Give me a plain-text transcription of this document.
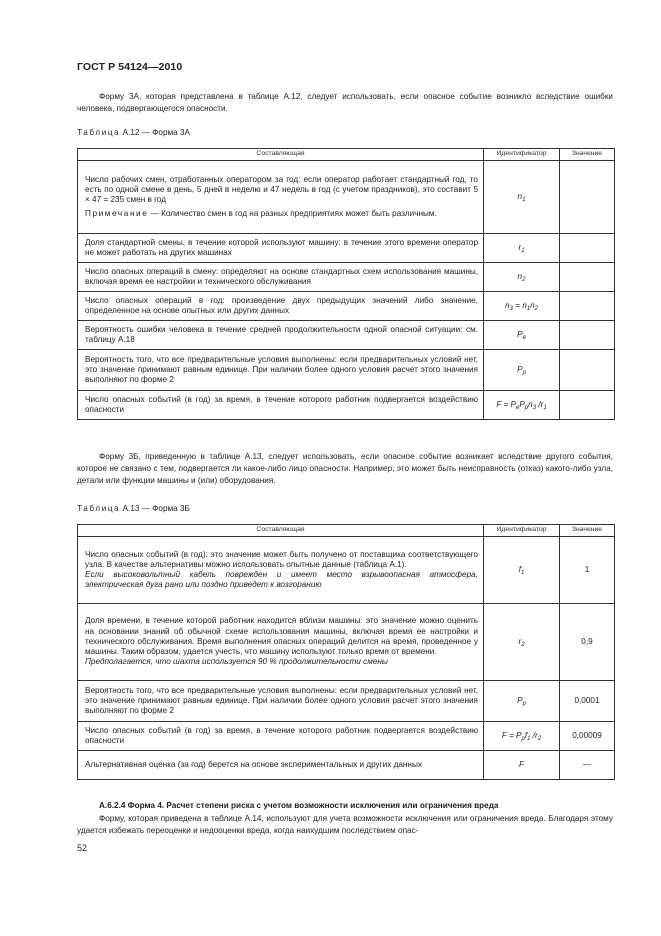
ГОСТ Р 54124—2010

Форму 3А, которая представлена в таблице А.12, следует использовать, если опасное событие возникло вследствие ошибки человека, подвергающегося опасности.

Таблица А.12 — Форма 3А
Составляющая	Идентификатор	Значение

Число рабочих смен, отработанных оператором за год: если оператор работает стандартный год, то есть по одной смене в день, 5 дней в неделю и 47 недель в год (с учетом праздников), это составит 5 × 47 = 235 смен в год
Примечание — Количество смен в год на разных предприятиях может быть различным.	$n_1$	
Доля стандартной смены, в течение которой используют машину: в течение этого времени оператор не может работать на других машинах	$r_1$	
Число опасных операций в смену: определяют на основе стандартных схем использования машины, включая время ее настройки и технического обслуживания	$n_2$	
Число опасных операций в год: произведение двух предыдущих значений либо значение, определенное на основе опытных или других данных	$n_3 = n_1n_2$	
Вероятность ошибки человека в течение средней продолжительности одной опасной ситуации: см. таблицу А.18	$P_e$	
Вероятность того, что все предварительные условия выполнены: если предварительных условий нет, это значение принимают равным единице. При наличии более одного условия расчет этого значения выполняют по форме 2	$P_p$	
Число опасных событий (в год) за время, в течение которого работник подвергается воздействию опасности	$F = P_eP_pn_3$ $/r_1$	

Форму 3Б, приведенную в таблице А.13, следует использовать, если опасное событие возникает вследствие другого события, которое не связано с тем, подвергается ли какое-либо лицо опасности. Например, это может быть неисправность (отказ) какого-либо узла, детали или функции машины и (или) оборудования.

Таблица А.13 — Форма 3Б
Составляющая	Идентификатор	Значение

Число опасных событий (в год): это значение может быть получено от поставщика соответствующего узла. В качестве альтернативы можно использовать опытные данные (таблица А.1).
Если высоковольтный кабель поврежден и имеет место взрывоопасная атмосфера, электрическая дуга рано или поздно приведет к возгоранию	$f_1$	1

Доля времени, в течение которой работник находится вблизи машины: это значение можно оценить на основании знаний об обычной схеме использования машины, включая время ее настройки и технического обслуживания. Время выполнения опасных операций делится на время, проведенное у машины. Таким образом, удается учесть, что машину используют только время от времени.
Предполагается, что шахта используется 90 % продолжительности смены	$r_2$	0,9
Вероятность того, что все предварительные условия выполнены: если предварительных условий нет, это значение принимают равным единице. При наличии более одного условия расчет этого значения выполняют по форме 2	$P_p$	0,0001
Число опасных событий (в год) за время, в течение которого работник подвергается воздействию опасности	$F = P_pf_1$ $/r_2$	0,00009
Альтернативная оценка (за год) берется на основе экспериментальных и других данных	F	—
А.6.2.4 Форма 4. Расчет степени риска с учетом возможности исключения или ограничения вреда

Форму, которая приведена в таблице А.14, используют для учета возможности исключения или ограничения вреда. Благодаря этому удается избежать переоценки и недооценки вреда, когда наихудшим последствием опас-

52
